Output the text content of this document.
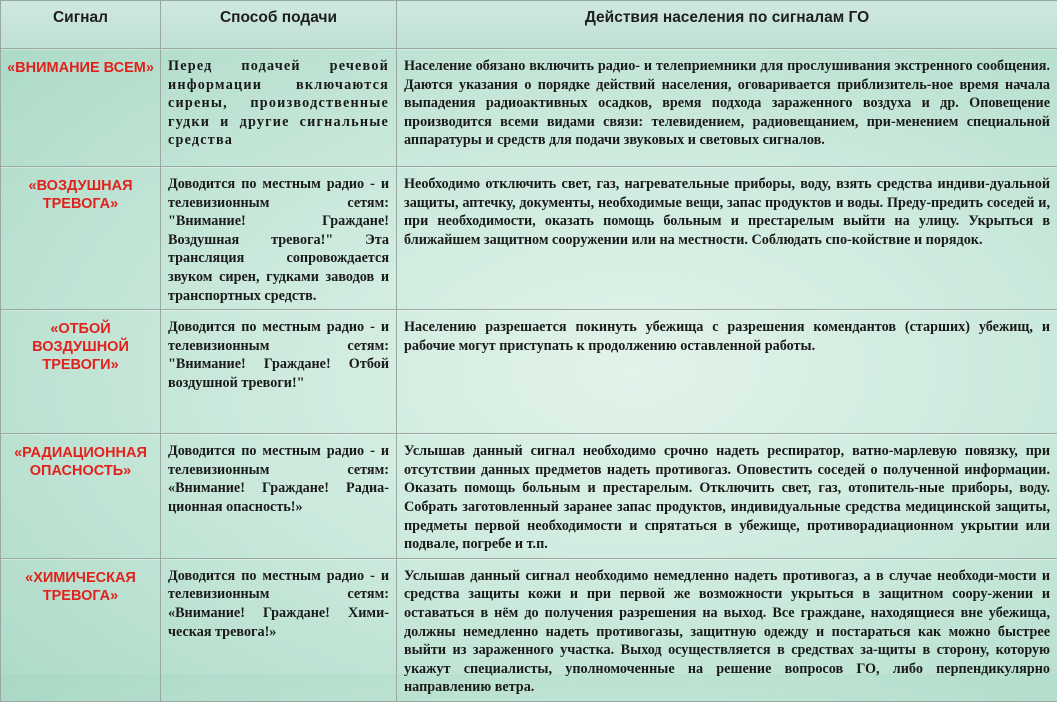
Сигнал	Способ подачи	Действия населения по сигналам ГО
«ВНИМАНИЕ ВСЕМ»	Перед подачей речевой информации включаются сирены, производственные гудки и другие сигнальные средства	Население обязано включить радио- и телеприемники для прослушивания экстренного сообщения. Даются указания о порядке действий населения, оговаривается приблизитель-ное время начала выпадения радиоактивных осадков, время подхода зараженного воздуха и др. Оповещение производится всеми видами связи: телевидением, радиовещанием, при-менением специальной аппаратуры и средств для подачи звуковых и световых сигналов.
«ВОЗДУШНАЯ ТРЕВОГА»	Доводится по местным радио - и телевизионным сетям: "Внимание! Граждане! Воздушная тревога!" Эта трансляция сопровождается звуком сирен, гудками заводов и транспортных средств.	Необходимо отключить свет, газ, нагревательные приборы, воду, взять средства индиви-дуальной защиты, аптечку, документы, необходимые вещи, запас продуктов и воды. Преду-предить соседей и, при необходимости, оказать помощь больным и престарелым выйти на улицу. Укрыться в ближайшем защитном сооружении или на местности. Соблюдать спо-койствие и порядок.
«ОТБОЙ ВОЗДУШНОЙ ТРЕВОГИ»	Доводится по местным радио - и телевизионным сетям: "Внимание! Граждане! Отбой воздушной тревоги!"	Населению разрешается покинуть убежища с разрешения комендантов (старших) убежищ, и рабочие могут приступать к продолжению оставленной работы.
«РАДИАЦИОННАЯ ОПАСНОСТЬ»	Доводится по местным радио - и телевизионным сетям: «Внимание! Граждане! Радиа-ционная опасность!»	Услышав данный сигнал необходимо срочно надеть респиратор, ватно-марлевую повязку, при отсутствии данных предметов надеть противогаз. Оповестить соседей о полученной информации. Оказать помощь больным и престарелым. Отключить свет, газ, отопитель-ные приборы, воду. Собрать заготовленный заранее запас продуктов, индивидуальные средства медицинской защиты, предметы первой необходимости и спрятаться в убежище, противорадиационном укрытии или подвале, погребе и т.п.
«ХИМИЧЕСКАЯ ТРЕВОГА»	Доводится по местным радио - и телевизионным сетям: «Внимание! Граждане! Хими-ческая тревога!»	Услышав данный сигнал необходимо немедленно надеть противогаз, а в случае необходи-мости и средства защиты кожи и при первой же возможности укрыться в защитном соору-жении и оставаться в нём до получения разрешения на выход. Все граждане, находящиеся вне убежища, должны немедленно надеть противогазы, защитную одежду и постараться как можно быстрее выйти из зараженного участка. Выход осуществляется в средствах за-щиты в сторону, которую укажут специалисты, уполномоченные на решение вопросов ГО, либо перпендикулярно направлению ветра.
